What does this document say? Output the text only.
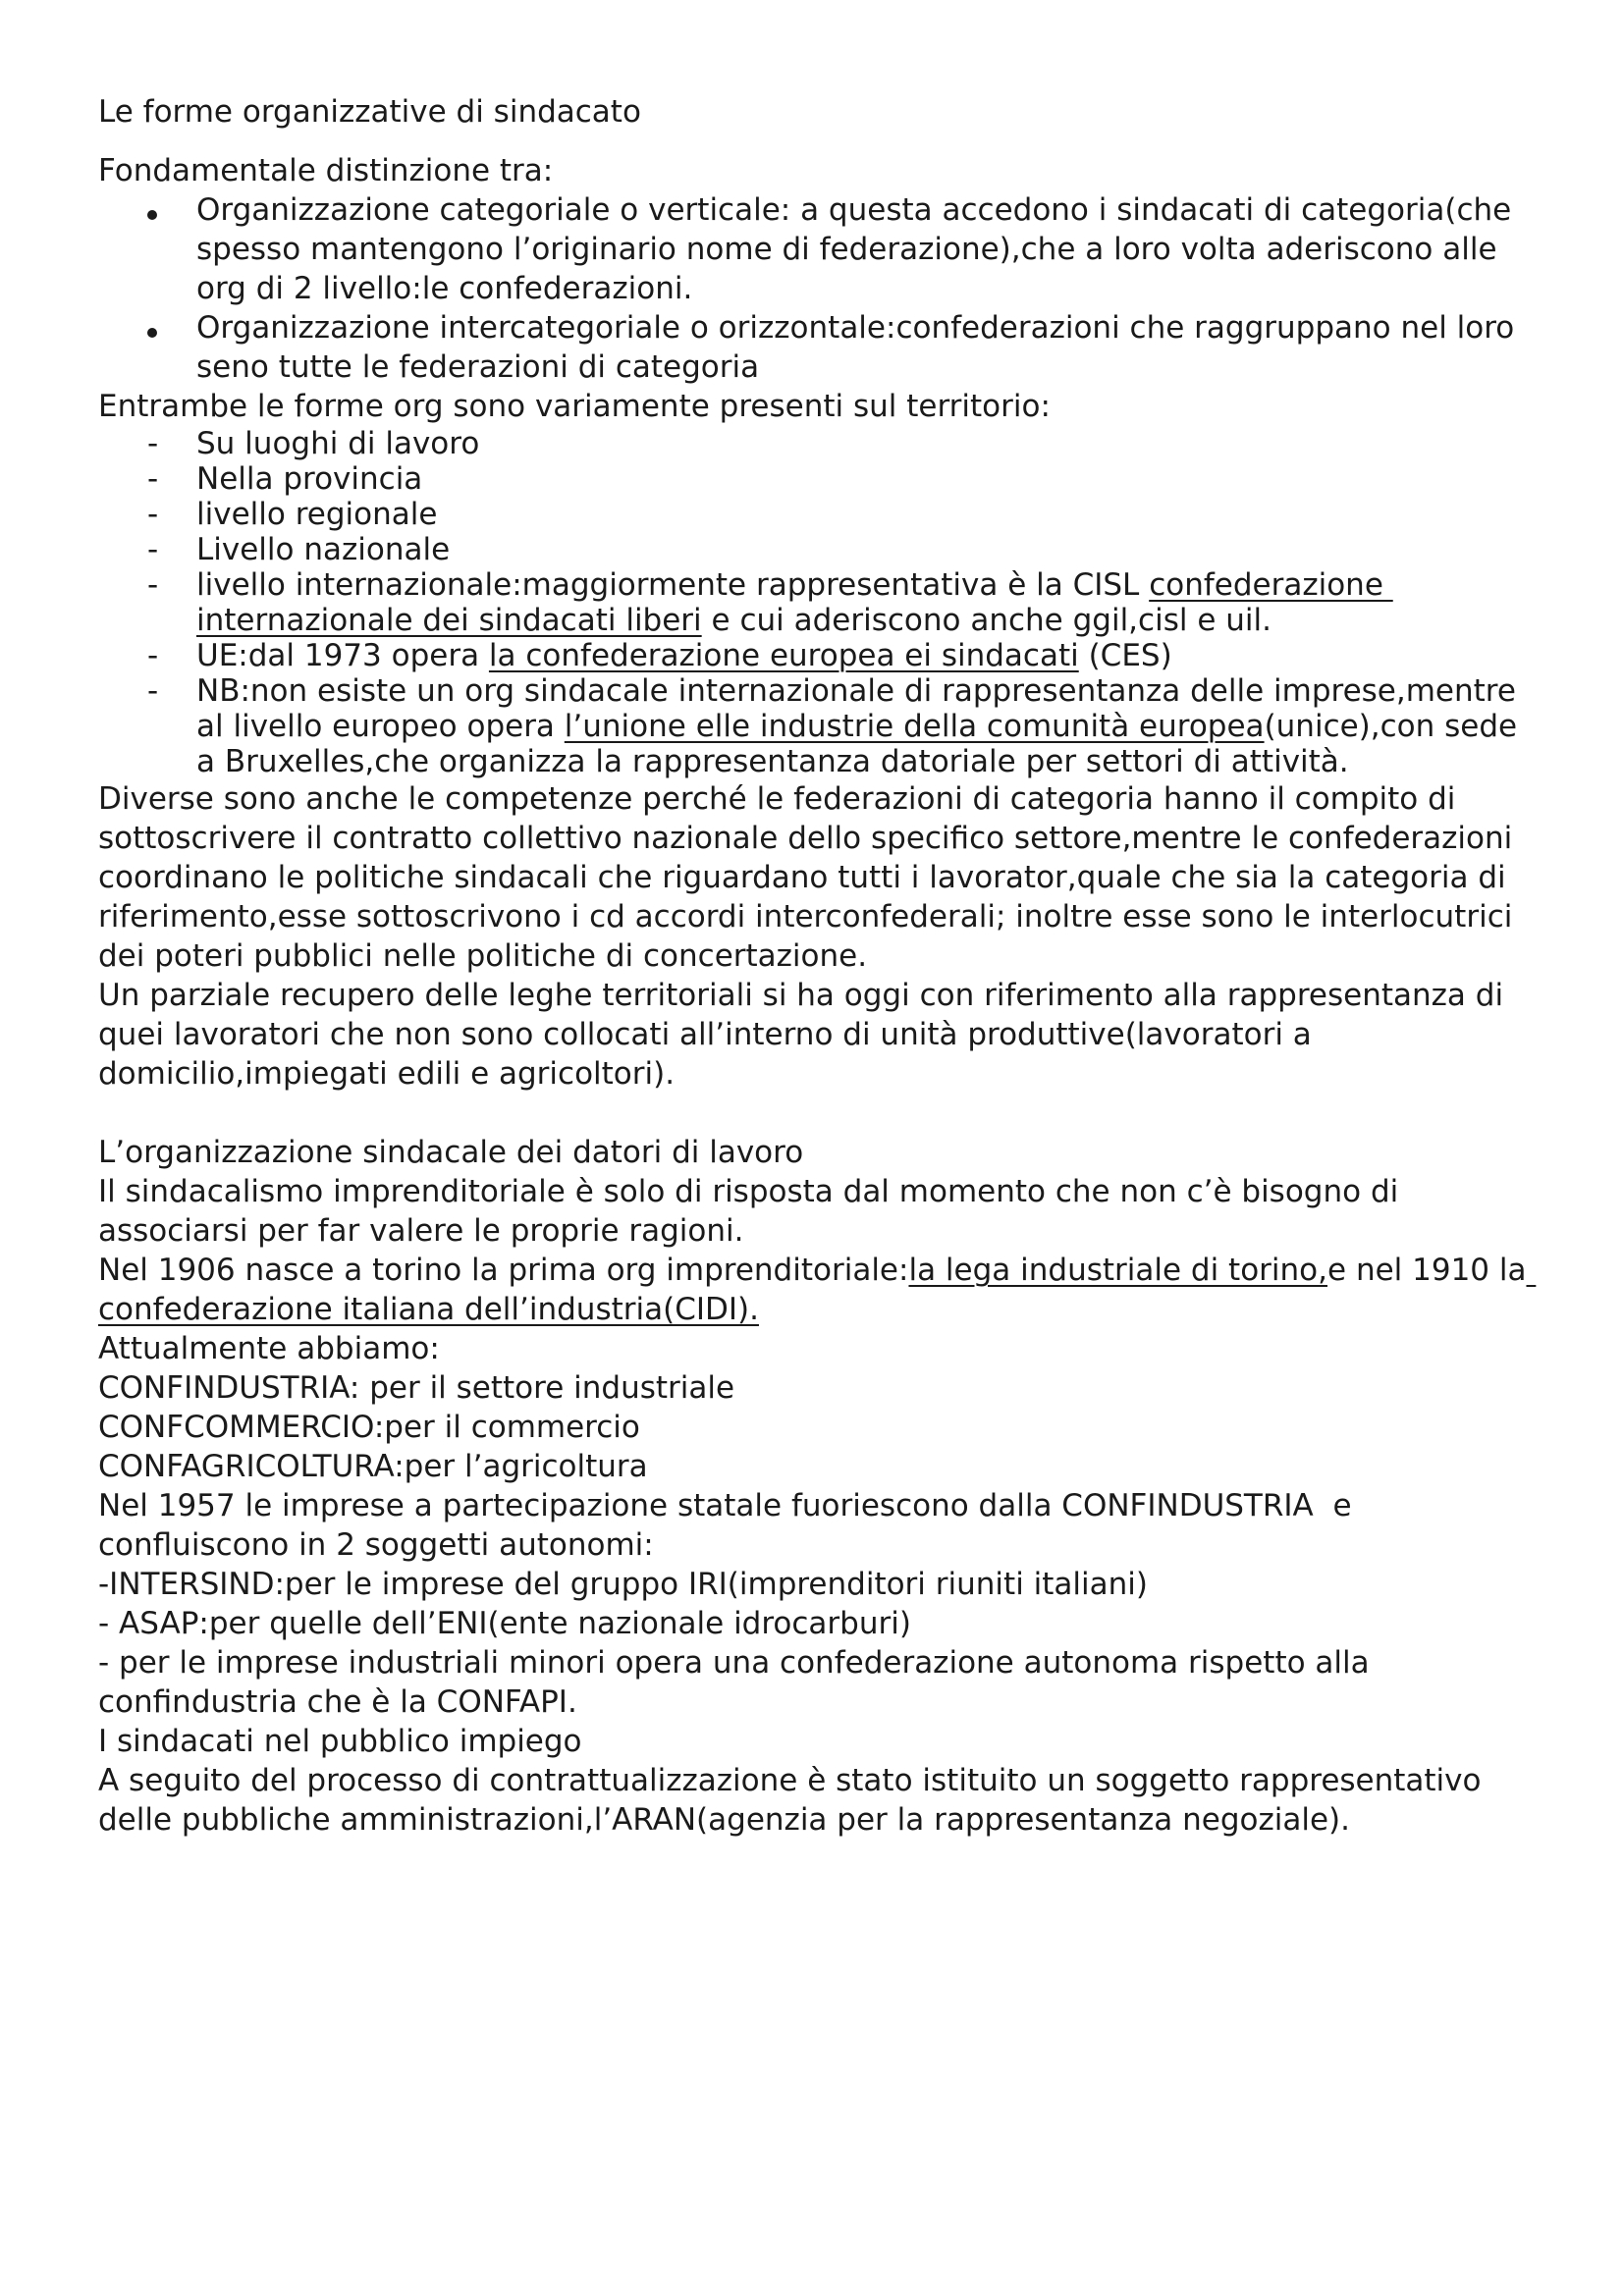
Le forme organizzative di sindacato

Fondamentale distinzione tra:

Organizzazione categoriale o verticale: a questa accedono i sindacati di categoria(che
spesso mantengono l’originario nome di federazione),che a loro volta aderiscono alle
org di 2 livello:le confederazioni.
Organizzazione intercategoriale o orizzontale:confederazioni che raggruppano nel loro
seno tutte le federazioni di categoria

Entrambe le forme org sono variamente presenti sul territorio:

- Su luoghi di lavoro
- Nella provincia
- livello regionale
- Livello nazionale
- livello internazionale:maggiormente rappresentativa è la CISL confederazione
internazionale dei sindacati liberi e cui aderiscono anche ggil,cisl e uil.
- UE:dal 1973 opera la confederazione europea ei sindacati (CES)
- NB:non esiste un org sindacale internazionale di rappresentanza delle imprese,mentre
al livello europeo opera l’unione elle industrie della comunità europea(unice),con sede
a Bruxelles,che organizza la rappresentanza datoriale per settori di attività.

Diverse sono anche le competenze perché le federazioni di categoria hanno il compito di

sottoscrivere il contratto collettivo nazionale dello specifico settore,mentre le confederazioni

coordinano le politiche sindacali che riguardano tutti i lavorator,quale che sia la categoria di

riferimento,esse sottoscrivono i cd accordi interconfederali; inoltre esse sono le interlocutrici

dei poteri pubblici nelle politiche di concertazione.

Un parziale recupero delle leghe territoriali si ha oggi con riferimento alla rappresentanza di

quei lavoratori che non sono collocati all’interno di unità produttive(lavoratori a

domicilio,impiegati edili e agricoltori).

L’organizzazione sindacale dei datori di lavoro

Il sindacalismo imprenditoriale è solo di risposta dal momento che non c’è bisogno di

associarsi per far valere le proprie ragioni.

Nel 1906 nasce a torino la prima org imprenditoriale:la lega industriale di torino,e nel 1910 la

confederazione italiana dell’industria(CIDI).

Attualmente abbiamo:

CONFINDUSTRIA: per il settore industriale

CONFCOMMERCIO:per il commercio

CONFAGRICOLTURA:per l’agricoltura

Nel 1957 le imprese a partecipazione statale fuoriescono dalla CONFINDUSTRIA  e

confluiscono in 2 soggetti autonomi:

-INTERSIND:per le imprese del gruppo IRI(imprenditori riuniti italiani)

- ASAP:per quelle dell’ENI(ente nazionale idrocarburi)

- per le imprese industriali minori opera una confederazione autonoma rispetto alla

confindustria che è la CONFAPI.

I sindacati nel pubblico impiego

A seguito del processo di contrattualizzazione è stato istituito un soggetto rappresentativo

delle pubbliche amministrazioni,l’ARAN(agenzia per la rappresentanza negoziale).
